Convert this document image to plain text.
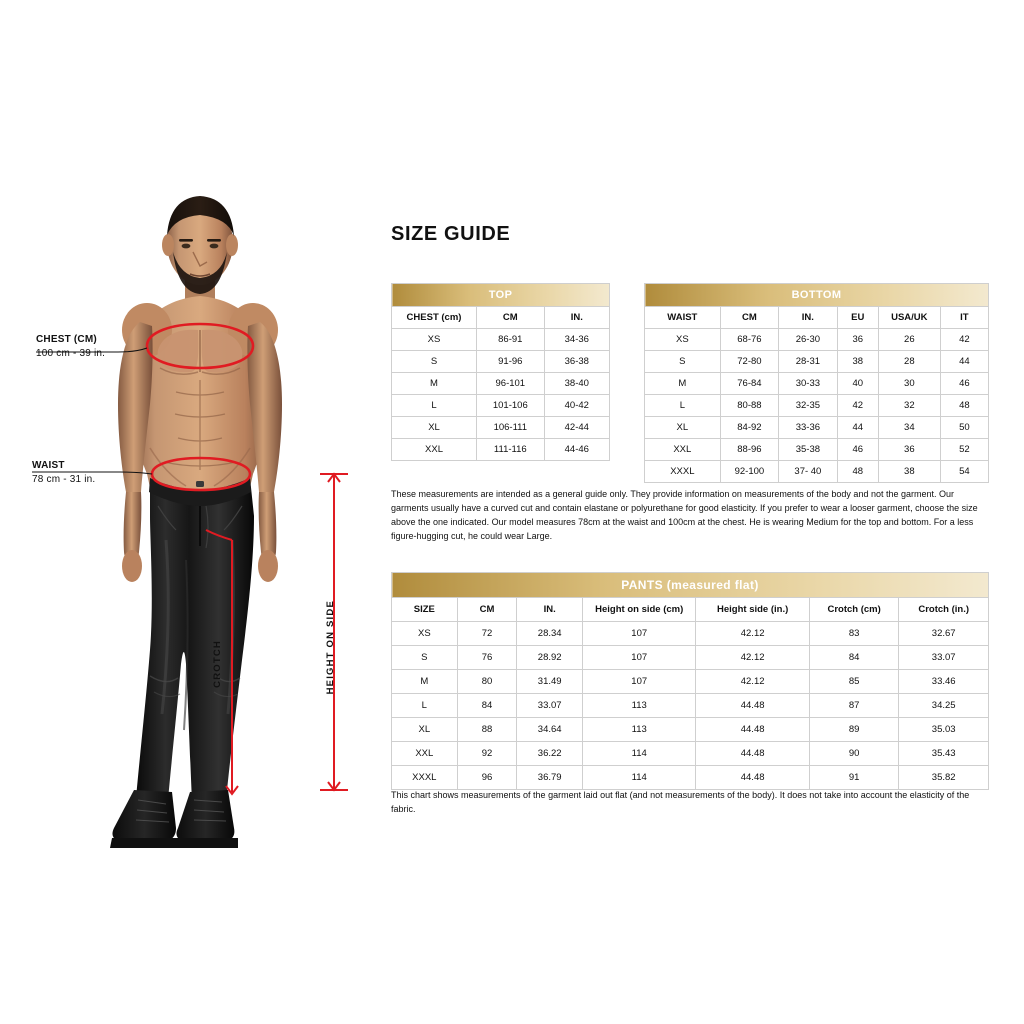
CHEST (CM)
100 cm - 39 in.
WAIST
78 cm - 31 in.
CROTCH	HEIGHT ON SIDE
SIZE GUIDE
TOP		
CHEST (cm)	CM	IN.
XS	86-91	34-36
S	91-96	36-38
M	96-101	38-40
L	101-106	40-42
XL	106-111	42-44
XXL	111-116	44-46
BOTTOM					
WAIST	CM	IN.	EU	USA/UK	IT
XS	68-76	26-30	36	26	42
S	72-80	28-31	38	28	44
M	76-84	30-33	40	30	46
L	80-88	32-35	42	32	48
XL	84-92	33-36	44	34	50
XXL	88-96	35-38	46	36	52
XXXL	92-100	37- 40	48	38	54
These measurements are intended as a general guide only. They provide information on measurements of the body and not the garment. Our garments usually have a curved cut and contain elastane or polyurethane for good elasticity. If you prefer to wear a looser garment, choose the size above the one indicated. Our model measures 78cm at the waist and 100cm at the chest. He is wearing Medium for the top and bottom. For a less figure-hugging cut, he could wear Large.
PANTS (measured flat)						
SIZE	CM	IN.	Height on side (cm)	Height side (in.)	Crotch (cm)	Crotch (in.)
XS	72	28.34	107	42.12	83	32.67
S	76	28.92	107	42.12	84	33.07
M	80	31.49	107	42.12	85	33.46
L	84	33.07	113	44.48	87	34.25
XL	88	34.64	113	44.48	89	35.03
XXL	92	36.22	114	44.48	90	35.43
XXXL	96	36.79	114	44.48	91	35.82
This chart shows measurements of the garment laid out flat (and not measurements of the body). It does not take into account the elasticity of the fabric.
